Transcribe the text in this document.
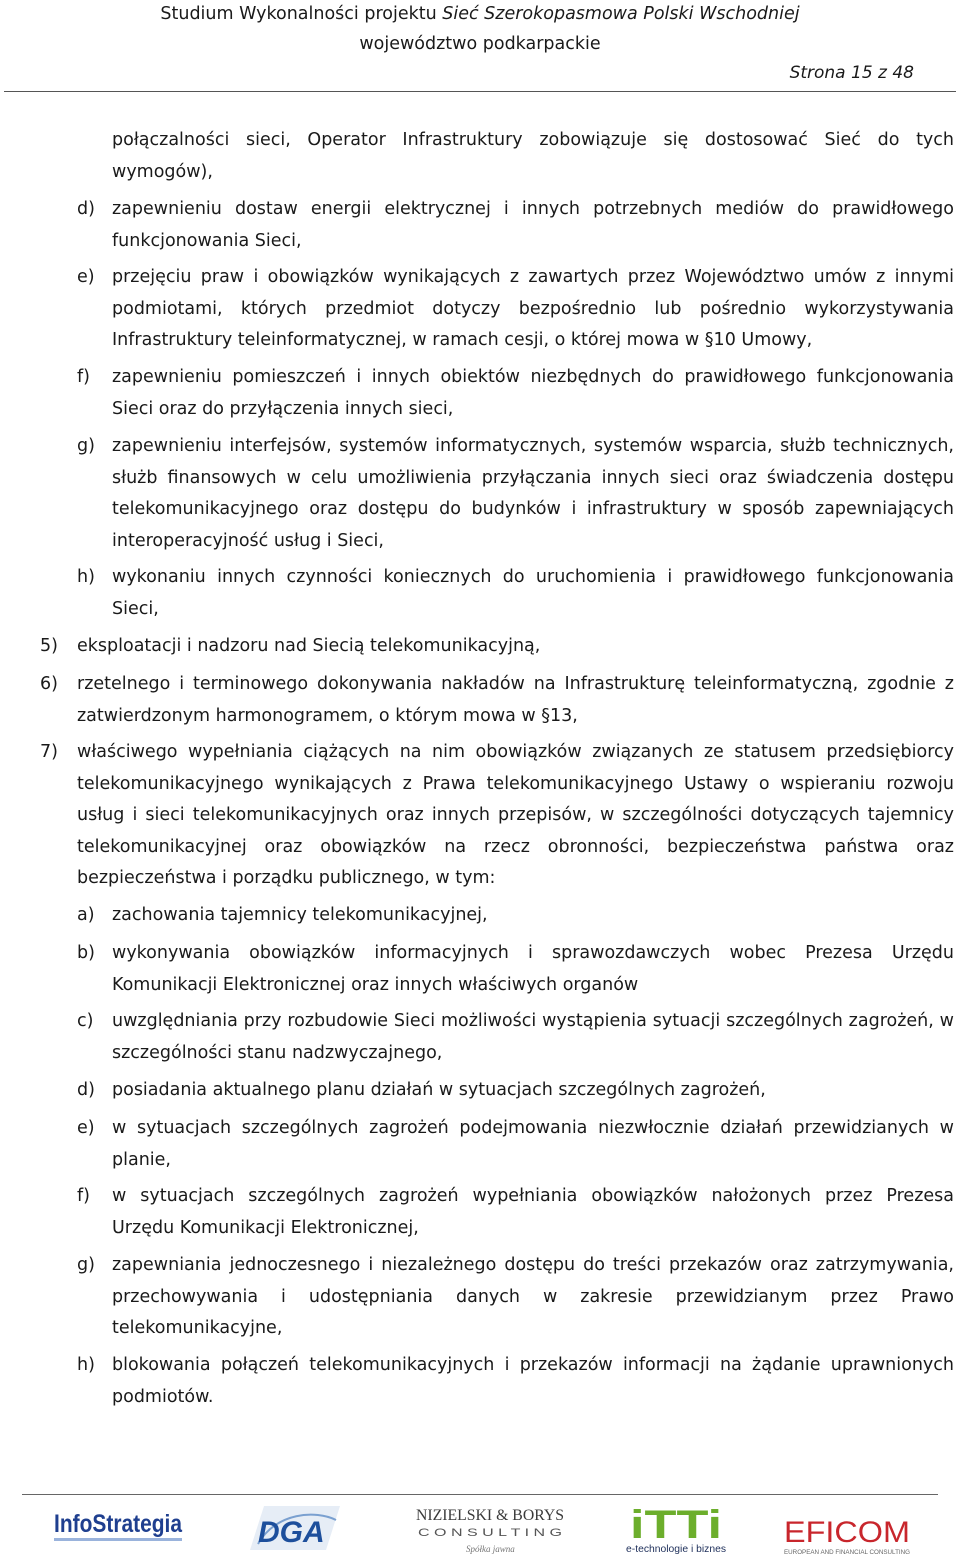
Studium Wykonalności projektu Sieć Szerokopasmowa Polski Wschodniej
województwo podkarpackie
Strona 15 z 48
połączalności sieci, Operator Infrastruktury zobowiązuje się dostosować Sieć do tych wymogów),
d) zapewnieniu dostaw energii elektrycznej i innych potrzebnych mediów do prawidłowego funkcjonowania Sieci,
e) przejęciu praw i obowiązków wynikających z zawartych przez Województwo umów z innymi podmiotami, których przedmiot dotyczy bezpośrednio lub pośrednio wykorzystywania Infrastruktury teleinformatycznej, w ramach cesji, o której mowa w §10 Umowy,
f) zapewnieniu pomieszczeń i innych obiektów niezbędnych do prawidłowego funkcjonowania Sieci oraz do przyłączenia innych sieci,
g) zapewnieniu interfejsów, systemów informatycznych, systemów wsparcia, służb technicznych, służb finansowych w celu umożliwienia przyłączania innych sieci oraz świadczenia dostępu telekomunikacyjnego oraz dostępu do budynków i infrastruktury w sposób zapewniających interoperacyjność usług i Sieci,
h) wykonaniu innych czynności koniecznych do uruchomienia i prawidłowego funkcjonowania Sieci,
5) eksploatacji i nadzoru nad Siecią telekomunikacyjną,
6) rzetelnego i terminowego dokonywania nakładów na Infrastrukturę teleinformatyczną, zgodnie z zatwierdzonym harmonogramem, o którym mowa w §13,
7) właściwego wypełniania ciążących na nim obowiązków związanych ze statusem przedsiębiorcy telekomunikacyjnego wynikających z Prawa telekomunikacyjnego Ustawy o wspieraniu rozwoju usług i sieci telekomunikacyjnych oraz innych przepisów, w szczególności dotyczących tajemnicy telekomunikacyjnej oraz obowiązków na rzecz obronności, bezpieczeństwa państwa oraz bezpieczeństwa i porządku publicznego, w tym:
a) zachowania tajemnicy telekomunikacyjnej,
b) wykonywania obowiązków informacyjnych i sprawozdawczych wobec Prezesa Urzędu Komunikacji Elektronicznej oraz innych właściwych organów
c) uwzględniania przy rozbudowie Sieci możliwości wystąpienia sytuacji szczególnych zagrożeń, w szczególności stanu nadzwyczajnego,
d) posiadania aktualnego planu działań w sytuacjach szczególnych zagrożeń,
e) w sytuacjach szczególnych zagrożeń podejmowania niezwłocznie działań przewidzianych w planie,
f) w sytuacjach szczególnych zagrożeń wypełniania obowiązków nałożonych przez Prezesa Urzędu Komunikacji Elektronicznej,
g) zapewniania jednoczesnego i niezależnego dostępu do treści przekazów oraz zatrzymywania, przechowywania i udostępniania danych w zakresie przewidzianym przez Prawo telekomunikacyjne,
h) blokowania połączeń telekomunikacyjnych i przekazów informacji na żądanie uprawnionych podmiotów.
InfoStrategia	DGA
NIZIELSKI & BORYS
C O N S U L T I N G
Spółka jawna
iTTi
e-technologie i biznes
EFICOM
EUROPEAN AND FINANCIAL CONSULTING
